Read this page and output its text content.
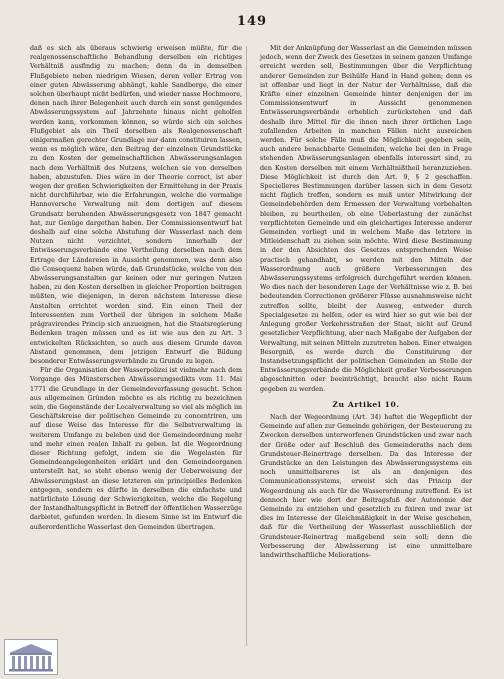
149

daß es sich als überaus schwierig erweisen müßte, für die realgenossenschaftliche Behandlung derselben ein richtiges Verhältniß ausfindig zu machen; denn da in demselben Flußgebiete neben niedrigen Wiesen, deren voller Ertrag von einer guten Abwässerung abhängt, kahle Sandberge, die einer solchen überhaupt nicht bedürfen, und wieder nasse Hochmoore, denen nach ihrer Belegenheit auch durch ein sonst genügendes Abwässerungssystem auf Jahrzehnte hinaus nicht geholfen werden kann, vorkommen können, so würde sich ein solches Flußgebiet als ein Theil derselben als Realgenossenschaft einigermaßen gerechter Grundlage nur dann constituiren lassen, wenn es möglich wäre, den Beitrag der einzelnen Grundstücke zu den Kosten der gemeinschaftlichen Abwässerungsanlagen nach dem Verhältniß des Nutzens, welchen sie von derselben haben, abzustufen. Dies wäre in der Theorie correct, ist aber wegen der großen Schwierigkeiten der Ermittelung in der Praxis nicht durchführbar, wie die Erfahrungen, welche die vormalige Hannoversche Verwaltung mit dem dortigen auf diesem Grundsatz beruhenden Abwässerungsgesetz von 1847 gemacht hat, zur Genüge dargethan haben. Der Commissionsentwurf hat deshalb auf eine solche Abstufung der Wasserlast nach dem Nutzen nicht verzichtet, sondern innerhalb der Entwässerungsverbände eine Vertheilung derselben nach dem Ertrage der Ländereien in Aussicht genommen, was denn also die Consequenz haben würde, daß Grundstücke, welche von den Abwässerungsanstalten gar keinen oder nur geringen Nutzen haben, zu den Kosten derselben in gleicher Proportion beitragen müßten, wie diejenigen, in deren nächstem Interesse diese Anstalten errichtet worden sind. Ein einen Theil der Interessenten zum Vortheil der übrigen in solchem Maße prägravirendes Princip sich anzueignen, hat die Staatsregierung Bedenken tragen müssen und es ist wie aus den zu Art. 3 entwickelten Rücksichten, so auch aus diesem Grunde davon Abstand genommen, dem jetzigen Entwurf die Bildung besonderer Entwässerungsverbände zu Grunde zu legen.

Für die Organisation der Wasserpolizei ist vielmehr nach dem Vorgange des Münsterschen Abwässerungsedikts vom 11. Mai 1771 die Grundlage in der Gemeindeverfassung gesucht. Schon aus allgemeinen Gründen möchte es als richtig zu bezeichnen sein, die Gegenstände der Localverwaltung so viel als möglich im Geschäftskreise der politischen Gemeinde zu concentriren, um auf diese Weise das Interesse für die Selbstverwaltung in weiterem Umfange zu beleben und der Gemeindeordnung mehr und mehr einen realen Inhalt zu geben. Ist die Wegeordnung dieser Richtung gefolgt, indem sie die Wegelasten für Gemeindeangelegenheiten erklärt und den Gemeindeorganen unterstellt hat, so steht ebenso wenig der Ueberweisung der Abwässerungslast an diese letzteren ein principielles Bedenken entgegen, sondern es dürfte in derselben die einfachste und natürlichste Lösung der Schwierigkeiten, welche die Regelung der Instandhaltungspflicht in Betreff der öffentlichen Wasserzüge darbietet, gefunden werden. In diesem Sinne ist im Entwurf die außerordentliche Wasserlast den Gemeinden übertragen.

Mit der Anknüpfung der Wasserlast an die Gemeinden müssen jedoch, wenn der Zweck des Gesetzes in seinem ganzen Umfange erreicht werden soll, Bestimmungen über die Verpflichtung anderer Gemeinden zur Beihülfe Hand in Hand gehen; denn es ist offenbar und liegt in der Natur der Verhältnisse, daß die Kräfte einer einzelnen Gemeinde hinter denjenigen der im Commissionsentwurf in Aussicht genommenen Entwässerungsverbände erheblich zurückstehen und daß deshalb ihre Mittel für die ihnen nach ihrer örtlichen Lage zufallenden Arbeiten in manchen Fällen nicht ausreichen werden. Für solche Fälle muß die Möglichkeit gegeben sein, auch andere benachbarte Gemeinden, welche bei den in Frage stehenden Abwässerungsanlagen ebenfalls interessirt sind, zu den Kosten derselben mit einem Verhältnißtheil heranzuziehen. Diese Möglichkeit ist durch den Art. 9, § 2 geschaffen. Specielleres Bestimmungen darüber lassen sich in dem Gesetz nicht füglich treffen, sondern es muß unter Mitwirkung der Gemeindebehörden dem Ermessen der Verwaltung vorbehalten bleiben, zu beurtheilen, ob eine Ueberlastung der zunächst verpflichteten Gemeinde und ein gleichartiges Interesse anderer Gemeinden vorliegt und in welchem Maße das letztere in Mitleidenschaft zu ziehen sein möchte. Wird diese Bestimmung in der den Absichten des Gesetzes entsprechenden Weise practisch gehandhabt, so werden mit den Mitteln der Wasserordnung auch größere Verbesserungen des Abwässerungssystems erfolgreich durchgeführt werden können. Wo dies nach der besonderen Lage der Verhältnisse wie z. B. bei bedeutenden Correctionen größerer Flüsse ausnahmsweise nicht zutreffen sollte, bleibt der Ausweg, entweder durch Specialgesetze zu helfen, oder es wird hier so gut wie bei der Anlegung großer Verkehrsstraßen der Staat, nicht auf Grund gesetzlicher Verpflichtung, aber nach Maßgabe der Aufgaben der Verwaltung, mit seinen Mitteln zuzutreten haben. Einer etwaigen Besorgniß, es werde durch die Constituirung der Instandsetzungspflicht der politischen Gemeinden an Stelle der Entwässerungsverbände die Möglichkeit großer Verbesserungen abgeschnitten oder beeinträchtigt, braucht also nicht Raum gegeben zu werden.

Zu Artikel 10.

Nach der Wegeordnung (Art. 34) haftet die Wegepflicht der Gemeinde auf allen zur Gemeinde gehörigen, der Besteuerung zu Zwecken derselben unterworfenen Grundstücken und zwar nach der Größe oder auf Beschluß des Gemeinderaths nach dem Grundsteuer-Reinertrage derselben. Da das Interesse der Grundstücke an den Leistungen des Abwässerungssystems ein noch unmittelbareres ist als an denjenigen des Communicationssystems, erweist sich das Princip der Wegeordnung als auch für die Wasserordnung zutreffend. Es ist dennoch hier wie dort der Beitragsfuß der Autonomie der Gemeinde zu entziehen und gesetzlich zu fixiren und zwar ist dies im Interesse der Gleichmäßigkeit in der Weise geschehen, daß für die Vertheilung der Wasserlast ausschließlich der Grundsteuer-Reinertrag maßgebend sein soll; denn die Verbesserung der Abwässerung ist eine unmittelbare landwirthschaftliche Meliorations-
